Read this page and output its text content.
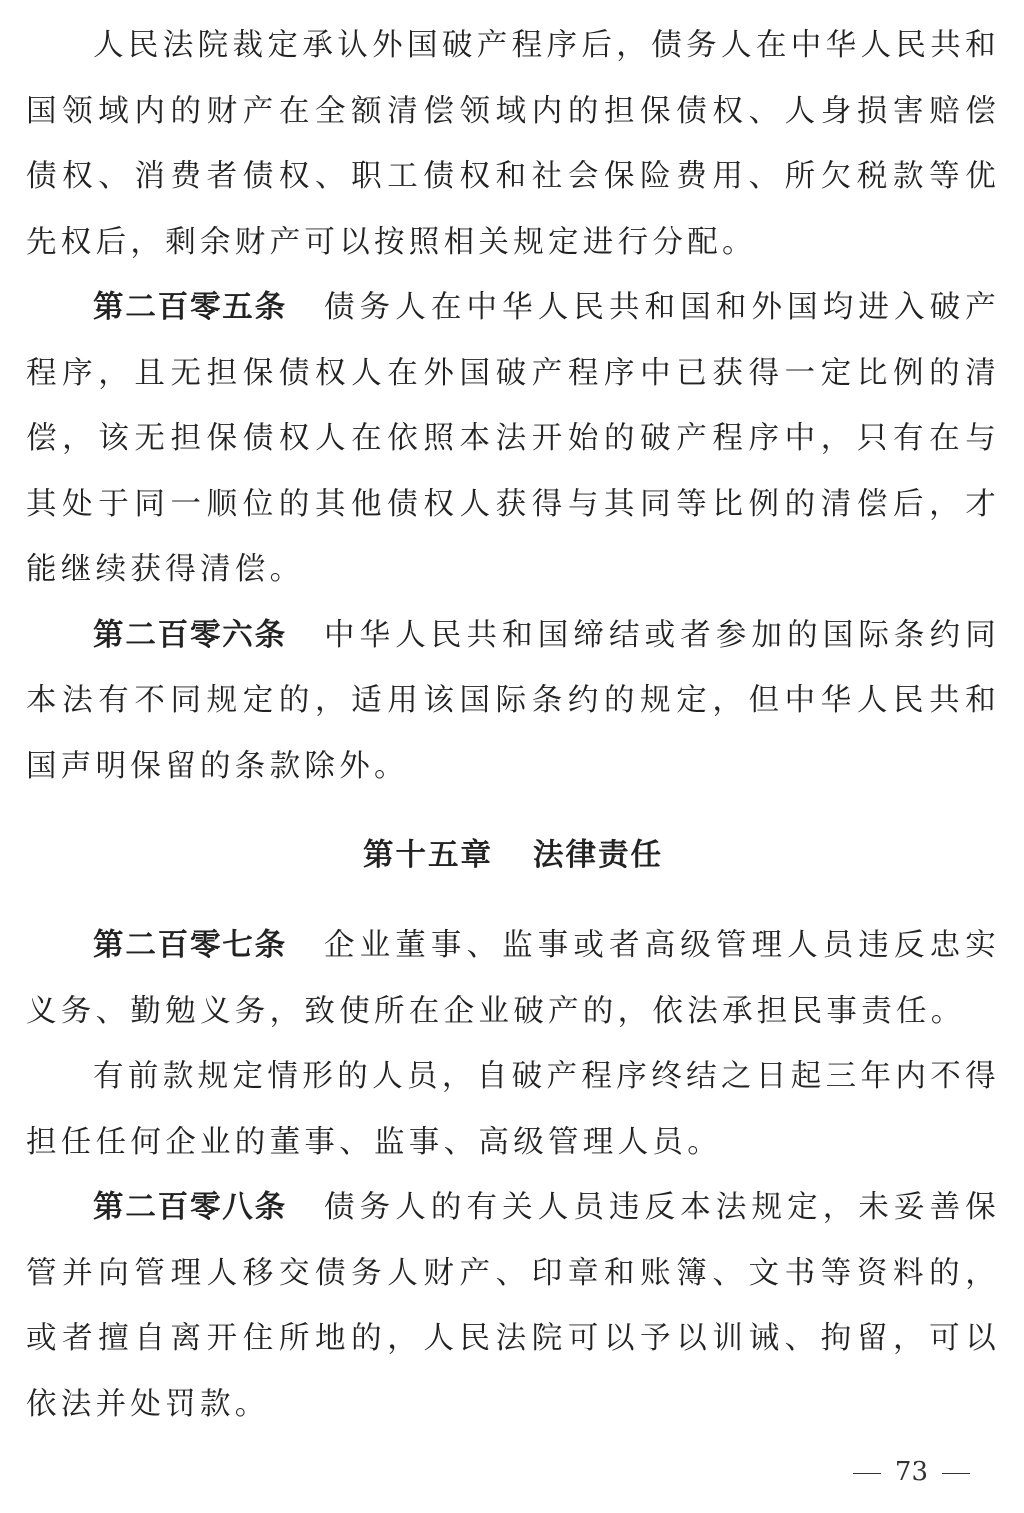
人民法院裁定承认外国破产程序后，债务人在中华人民共和国领域内的财产在全额清偿领域内的担保债权、人身损害赔偿债权、消费者债权、职工债权和社会保险费用、所欠税款等优先权后，剩余财产可以按照相关规定进行分配。

第二百零五条 债务人在中华人民共和国和外国均进入破产程序，且无担保债权人在外国破产程序中已获得一定比例的清偿，该无担保债权人在依照本法开始的破产程序中，只有在与其处于同一顺位的其他债权人获得与其同等比例的清偿后，才能继续获得清偿。

第二百零六条 中华人民共和国缔结或者参加的国际条约同本法有不同规定的，适用该国际条约的规定，但中华人民共和国声明保留的条款除外。

第十五章 法律责任

第二百零七条 企业董事、监事或者高级管理人员违反忠实义务、勤勉义务，致使所在企业破产的，依法承担民事责任。

有前款规定情形的人员，自破产程序终结之日起三年内不得担任任何企业的董事、监事、高级管理人员。

第二百零八条 债务人的有关人员违反本法规定，未妥善保管并向管理人移交债务人财产、印章和账簿、文书等资料的，或者擅自离开住所地的，人民法院可以予以训诫、拘留，可以依法并处罚款。

73
